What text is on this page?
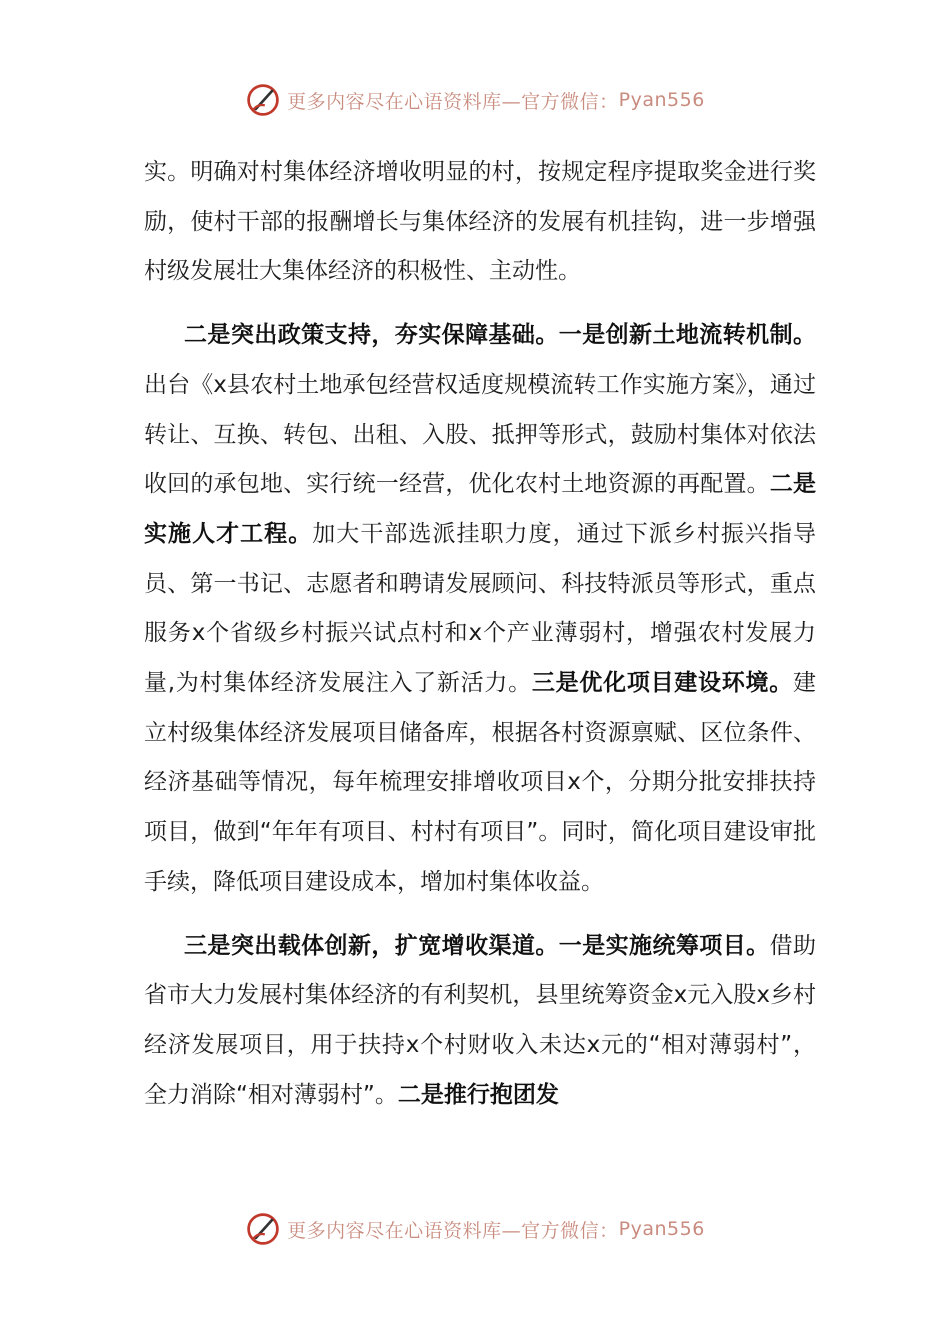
更多内容尽在心语资料库—官方微信： Pyan556

实。明确对村集体经济增收明显的村，按规定程序提取奖金进行奖励，使村干部的报酬增长与集体经济的发展有机挂钩，进一步增强村级发展壮大集体经济的积极性、主动性。

二是突出政策支持，夯实保障基础。一是创新土地流转机制。出台《x县农村土地承包经营权适度规模流转工作实施方案》，通过转让、互换、转包、出租、入股、抵押等形式，鼓励村集体对依法收回的承包地、实行统一经营，优化农村土地资源的再配置。二是实施人才工程。加大干部选派挂职力度，通过下派乡村振兴指导员、第一书记、志愿者和聘请发展顾问、科技特派员等形式，重点服务x个省级乡村振兴试点村和x个产业薄弱村，增强农村发展力量,为村集体经济发展注入了新活力。三是优化项目建设环境。建立村级集体经济发展项目储备库，根据各村资源禀赋、区位条件、经济基础等情况，每年梳理安排增收项目x个，分期分批安排扶持项目，做到“年年有项目、村村有项目”。同时，简化项目建设审批手续，降低项目建设成本，增加村集体收益。

三是突出载体创新，扩宽增收渠道。一是实施统筹项目。借助省市大力发展村集体经济的有利契机，县里统筹资金x元入股x乡村经济发展项目，用于扶持x个村财收入未达x元的“相对薄弱村”，全力消除“相对薄弱村”。二是推行抱团发

更多内容尽在心语资料库—官方微信： Pyan556
